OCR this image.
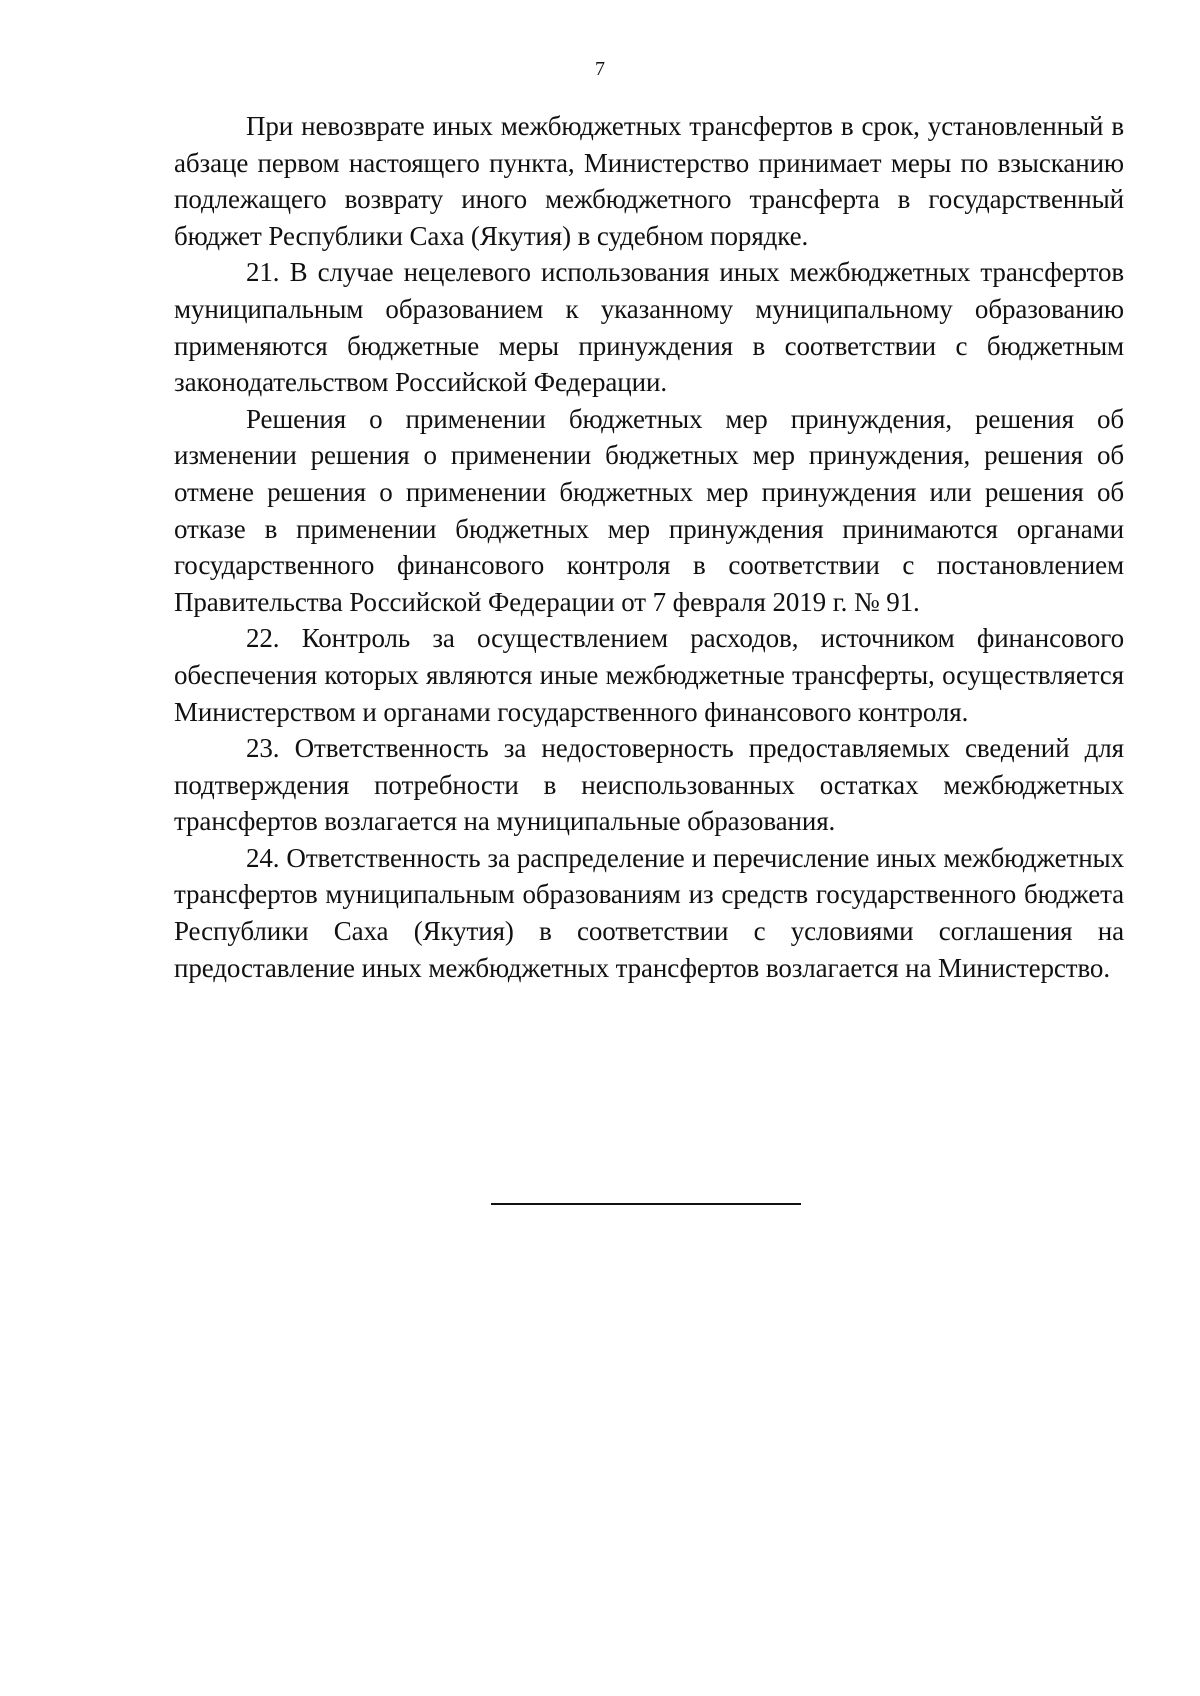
7

При невозврате иных межбюджетных трансфертов в срок, установленный в абзаце первом настоящего пункта, Министерство принимает меры по взысканию подлежащего возврату иного межбюджетного трансферта в государственный бюджет Республики Саха (Якутия) в судебном порядке.

21. В случае нецелевого использования иных межбюджетных трансфертов муниципальным образованием к указанному муниципальному образованию применяются бюджетные меры принуждения в соответствии с бюджетным законодательством Российской Федерации.

Решения о применении бюджетных мер принуждения, решения об изменении решения о применении бюджетных мер принуждения, решения об отмене решения о применении бюджетных мер принуждения или решения об отказе в применении бюджетных мер принуждения принимаются органами государственного финансового контроля в соответствии с постановлением Правительства Российской Федерации от 7 февраля 2019 г. № 91.

22. Контроль за осуществлением расходов, источником финансового обеспечения которых являются иные межбюджетные трансферты, осуществляется Министерством и органами государственного финансового контроля.

23. Ответственность за недостоверность предоставляемых сведений для подтверждения потребности в неиспользованных остатках межбюджетных трансфертов возлагается на муниципальные образования.

24. Ответственность за распределение и перечисление иных межбюджетных трансфертов муниципальным образованиям из средств государственного бюджета Республики Саха (Якутия) в соответствии с условиями соглашения на предоставление иных межбюджетных трансфертов возлагается на Министерство.
